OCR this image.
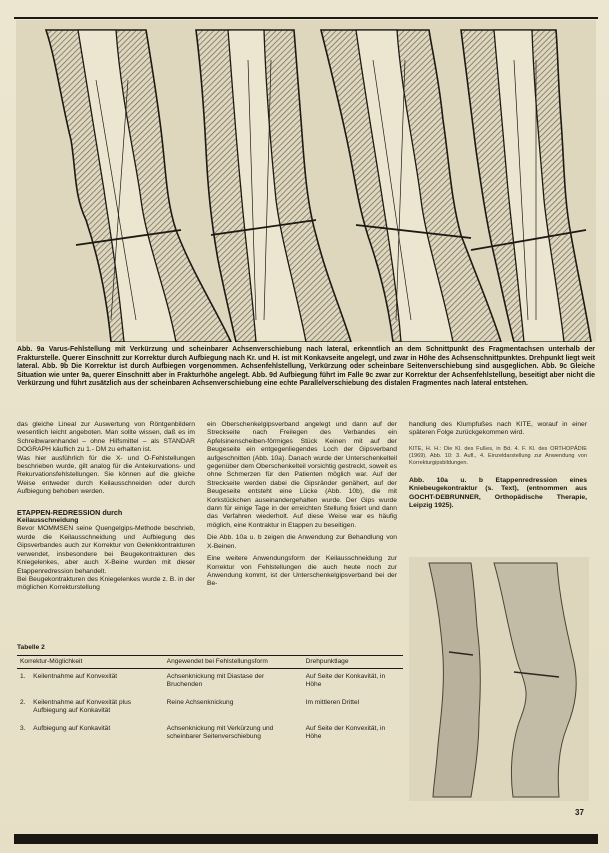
Abb. 9a Varus-Fehlstellung mit Verkürzung und scheinbarer Achsenverschiebung nach lateral, erkenntlich an dem Schnittpunkt des Fragmentachsen unterhalb der Frakturstelle. Querer Einschnitt zur Korrektur durch Aufbiegung nach Kr. und H. ist mit Konkavseite angelegt, und zwar in Höhe des Achsenschnittpunktes. Drehpunkt liegt weit lateral. Abb. 9b Die Korrektur ist durch Aufbiegen vorgenommen. Achsenfehlstellung, Verkürzung oder scheinbare Seitenverschiebung sind ausgeglichen. Abb. 9c Gleiche Situation wie unter 9a, querer Einschnitt aber in Frakturhöhe angelegt. Abb. 9d Aufbiegung führt im Falle 9c zwar zur Korrektur der Achsenfehlstellung, beseitigt aber nicht die Verkürzung und führt zusätzlich aus der scheinbaren Achsenverschiebung eine echte Parallelverschiebung des distalen Fragmentes nach lateral entstehen.

das gleiche Lineal zur Auswertung von Röntgenbildern wesentlich leicht angeboten. Man sollte wissen, daß es im Schreibwarenhandel – ohne Hilfsmittel – als STANDAR DOGRAPH käuflich zu 1.- DM zu erhalten ist.

Was hier ausführlich für die X- und O-Fehlstellungen beschrieben wurde, gilt analog für die Antekurvations- und Rekurvationsfehlstellungen. Sie können auf die gleiche Weise entweder durch Keilausschneiden oder durch Aufbiegung behoben werden.

ETAPPEN-REDRESSION durch

Keilausschneidung

Bevor MOMMSEN seine Quengelgips-Methode beschrieb, wurde die Keilausschneidung und Aufbiegung des Gipsverbandes auch zur Korrektur von Gelenkkontrakturen verwendet, insbesondere bei Beugekontrakturen des Kniegelenkes, aber auch X-Beine wurden mit dieser Etappenredression behandelt.

Bei Beugekontrakturen des Kniegelenkes wurde z. B. in der möglichen Korrekturstellung

ein Oberschenkelgipsverband angelegt und dann auf der Streckseite nach Freilegen des Verbandes ein Apfelsinenscheiben-förmiges Stück Keinen mit auf der Beugeseite ein entgegenliegendes Loch der Gipsverband aufgeschnitten (Abb. 10a). Danach wurde der Unterschenkelteil gegenüber dem Oberschenkelteil vorsichtig gestreckt, soweit es ohne Schmerzen für den Patienten möglich war. Auf der Streckseite werden dabei die Gipsränder genähert, auf der Beugeseite entsteht eine Lücke (Abb. 10b), die mit Korkstückchen auseinandergehalten wurde. Der Gips wurde dann für einige Tage in der erreichten Stellung fixiert und dann das Verfahren wiederholt. Auf diese Weise war es häufig möglich, eine Kontraktur in Etappen zu beseitigen.

Die Abb. 10a u. b zeigen die Anwendung zur Behandlung von X-Beinen.

Eine weitere Anwendungsform der Keilausschneidung zur Korrektur von Fehlstellungen die auch heute noch zur Anwendung kommt, ist der Unterschenkelgipsverband bei der Be-

handlung des Klumpfußes nach KITE, worauf in einer späteren Folge zurückgekommen wird.

KITE, H. H.: Die Kl. des Fußes, in Bd. 4. F. Kl. des ORTHOPÄDIE (1969). Abb. 10: 3. Aufl., 4. Einzeldarstellung zur Anwendung von Korrekturgipsbildungen.

Abb. 10a u. b Etappenredression eines Kniebeugekontraktur (s. Text), (entnommen aus GOCHT-DEBRUNNER, Orthopädische Therapie, Leipzig 1925).

Tabelle 2

Korrektur-Möglichkeit		Angewendet bei Fehlstellungsform	Drehpunktlage
1.	Keilentnahme auf Konvexität	Achsenknickung mit Diastase der Bruchenden	Auf Seite der Konkavität, in Höhe
2.	Keilentnahme auf Konvexität plus Aufbiegung auf Konkavität	Reine Achsenknickung	Im mittleren Drittel
3.	Aufbiegung auf Konkavität	Achsenknickung mit Verkürzung und scheinbarer Seitenverschiebung	Auf Seite der Konvexität, in Höhe
37
